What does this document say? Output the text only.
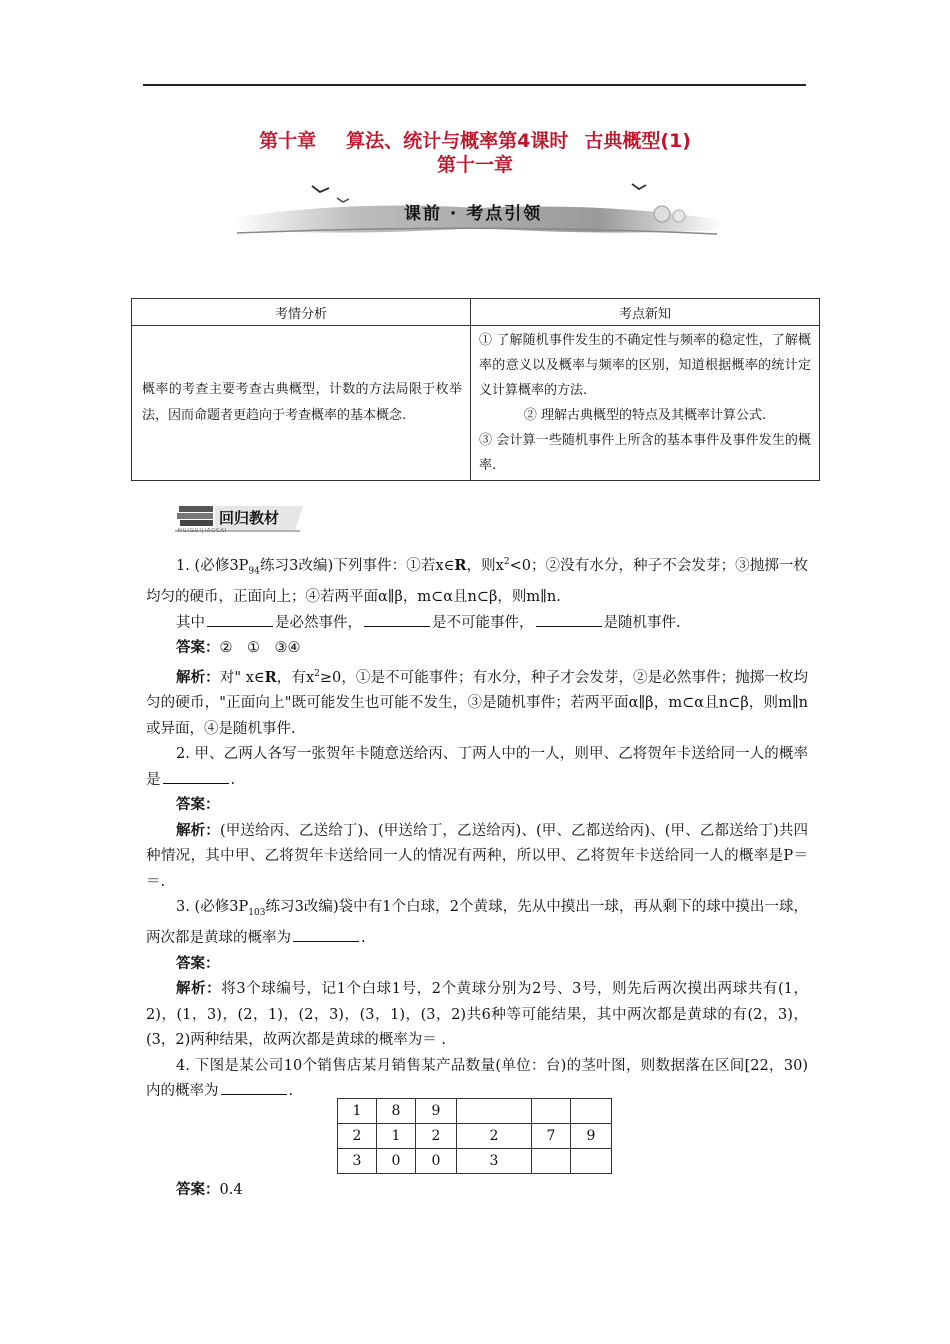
第十章 算法、统计与概率第4课时 古典概型(1)
第十一章
课前 · 考点引领
考情分析	考点新知
概率的考查主要考查古典概型，计数的方法局限于枚举法，因而命题者更趋向于考查概率的基本概念.	① 了解随机事件发生的不确定性与频率的稳定性，了解概率的意义以及概率与频率的区别，知道根据概率的统计定义计算概率的方法.
② 理解古典概型的特点及其概率计算公式.
③ 会计算一些随机事件上所含的基本事件及事件发生的概率.
回归教材
HUIGUIJIAOCAI

1. (必修$3P_{94}$练习3改编)下列事件：①若x∈R，则$x^2<0$；②没有水分，种子不会发芽；③抛掷一枚均匀的硬币，正面向上；④若两平面α∥β，m⊂α且n⊂β，则m∥n.

其中	是必然事件，	是不可能事件，	是随机事件.

答案：②　①　③④

解析：对" x∈R，有$x^2\ge 0$，①是不可能事件；有水分，种子才会发芽，②是必然事件；抛掷一枚均匀的硬币，"正面向上"既可能发生也可能不发生，③是随机事件；若两平面α∥β，m⊂α且n⊂β，则m∥n或异面，④是随机事件.

2. 甲、乙两人各写一张贺年卡随意送给丙、丁两人中的一人，则甲、乙将贺年卡送给同一人的概率是	.

答案：

解析：(甲送给丙、乙送给丁)、(甲送给丁，乙送给丙)、(甲、乙都送给丙)、(甲、乙都送给丁)共四种情况，其中甲、乙将贺年卡送给同一人的情况有两种，所以甲、乙将贺年卡送给同一人的概率是P＝＝.

3. (必修$3P_{103}$练习3改编)袋中有1个白球，2个黄球，先从中摸出一球，再从剩下的球中摸出一球，两次都是黄球的概率为	.

答案：

解析：将3个球编号，记1个白球1号，2个黄球分别为2号、3号，则先后两次摸出两球共有(1，2)，(1，3)，(2，1)，(2，3)，(3，1)，(3，2)共6种等可能结果，其中两次都是黄球的有(2，3)，(3，2)两种结果，故两次都是黄球的概率为＝ .

4. 下图是某公司10个销售店某月销售某产品数量(单位：台)的茎叶图，则数据落在区间[22，30)内的概率为	.

1	8	9			
2	1	2	2	7	9
3	0	0	3		
答案：0.4
